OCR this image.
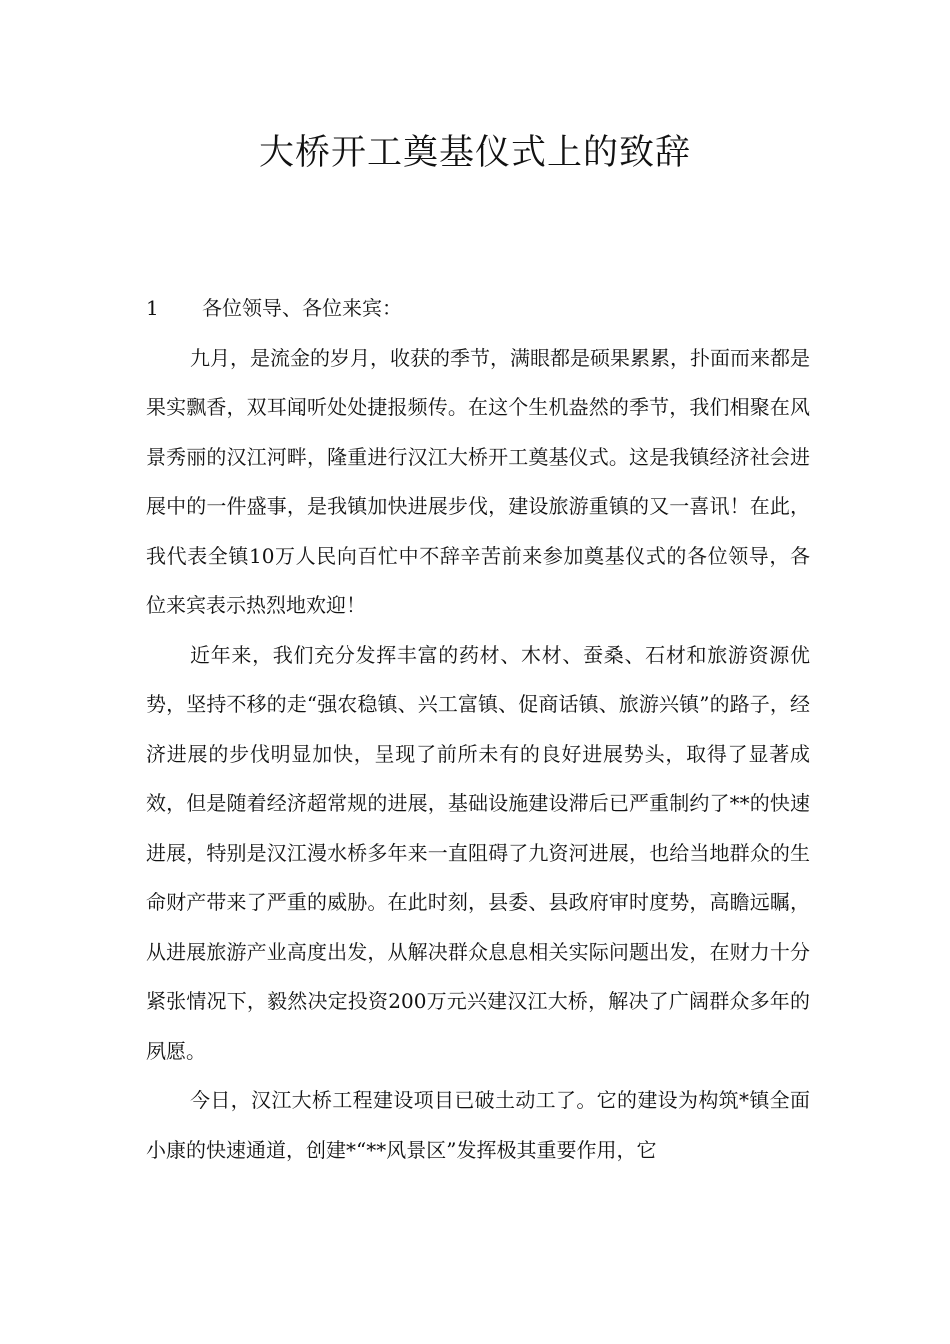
大桥开工奠基仪式上的致辞

1 各位领导、各位来宾：

九月，是流金的岁月，收获的季节，满眼都是硕果累累，扑面而来都是果实飘香，双耳闻听处处捷报频传。在这个生机盎然的季节，我们相聚在风景秀丽的汉江河畔，隆重进行汉江大桥开工奠基仪式。这是我镇经济社会进展中的一件盛事，是我镇加快进展步伐，建设旅游重镇的又一喜讯！在此，我代表全镇10万人民向百忙中不辞辛苦前来参加奠基仪式的各位领导，各位来宾表示热烈地欢迎！

近年来，我们充分发挥丰富的药材、木材、蚕桑、石材和旅游资源优势，坚持不移的走“强农稳镇、兴工富镇、促商话镇、旅游兴镇”的路子，经济进展的步伐明显加快，呈现了前所未有的良好进展势头，取得了显著成效，但是随着经济超常规的进展，基础设施建设滞后已严重制约了**的快速进展，特别是汉江漫水桥多年来一直阻碍了九资河进展，也给当地群众的生命财产带来了严重的威胁。在此时刻，县委、县政府审时度势，高瞻远瞩，从进展旅游产业高度出发，从解决群众息息相关实际问题出发，在财力十分紧张情况下，毅然决定投资200万元兴建汉江大桥，解决了广阔群众多年的夙愿。

今日，汉江大桥工程建设项目已破土动工了。它的建设为构筑*镇全面小康的快速通道，创建*“**风景区”发挥极其重要作用，它
